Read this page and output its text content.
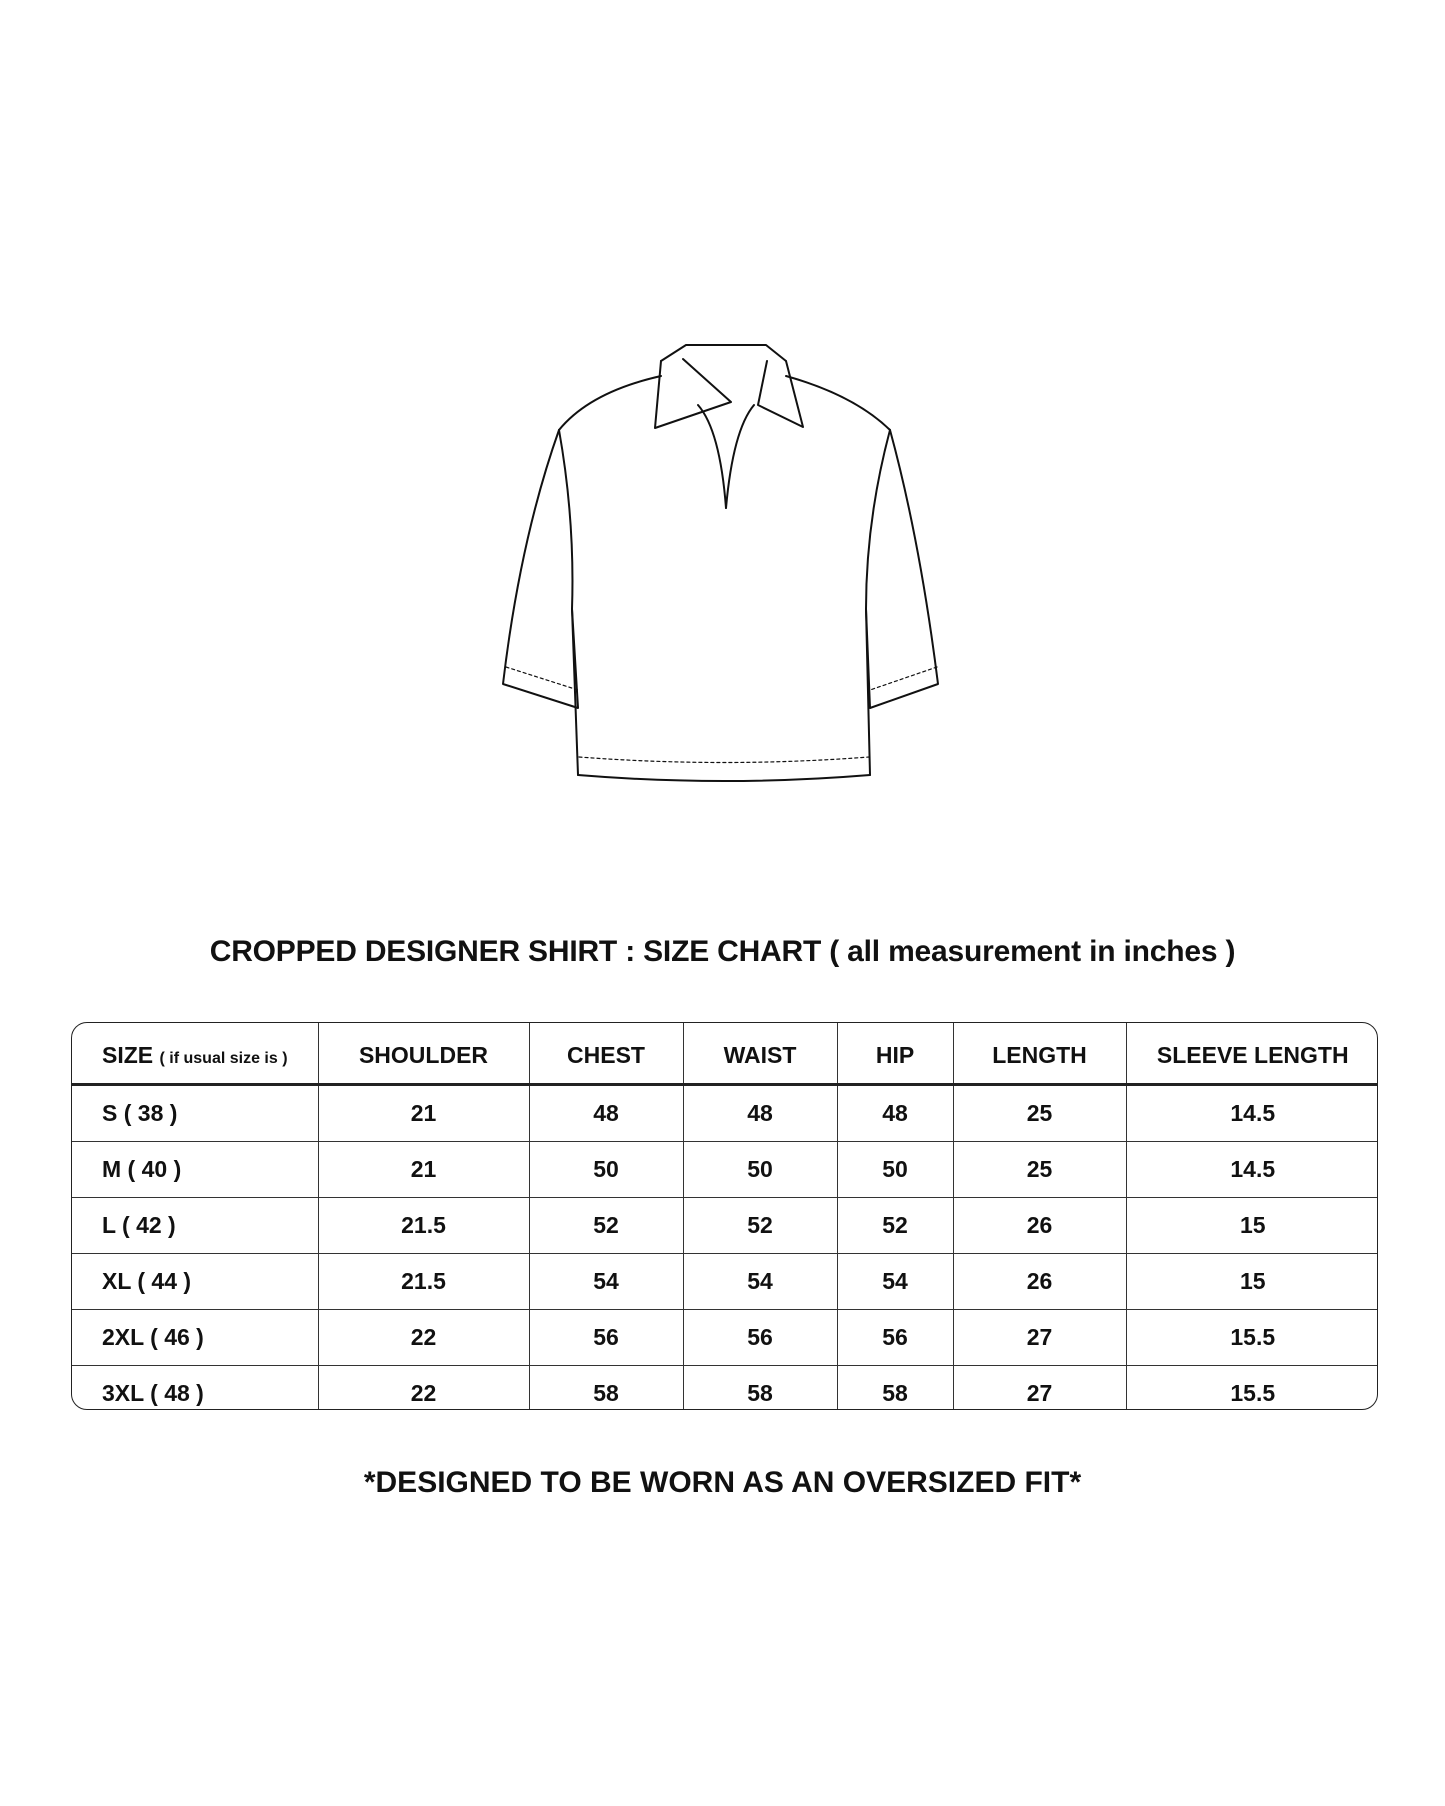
CROPPED DESIGNER SHIRT : SIZE CHART ( all measurement in inches )
SIZE ( if usual size is )	SHOULDER	CHEST	WAIST	HIP	LENGTH	SLEEVE LENGTH
S ( 38 )	21	48	48	48	25	14.5
M ( 40 )	21	50	50	50	25	14.5
L ( 42 )	21.5	52	52	52	26	15
XL ( 44 )	21.5	54	54	54	26	15
2XL ( 46 )	22	56	56	56	27	15.5
3XL ( 48 )	22	58	58	58	27	15.5
*DESIGNED TO BE WORN AS AN OVERSIZED FIT*
